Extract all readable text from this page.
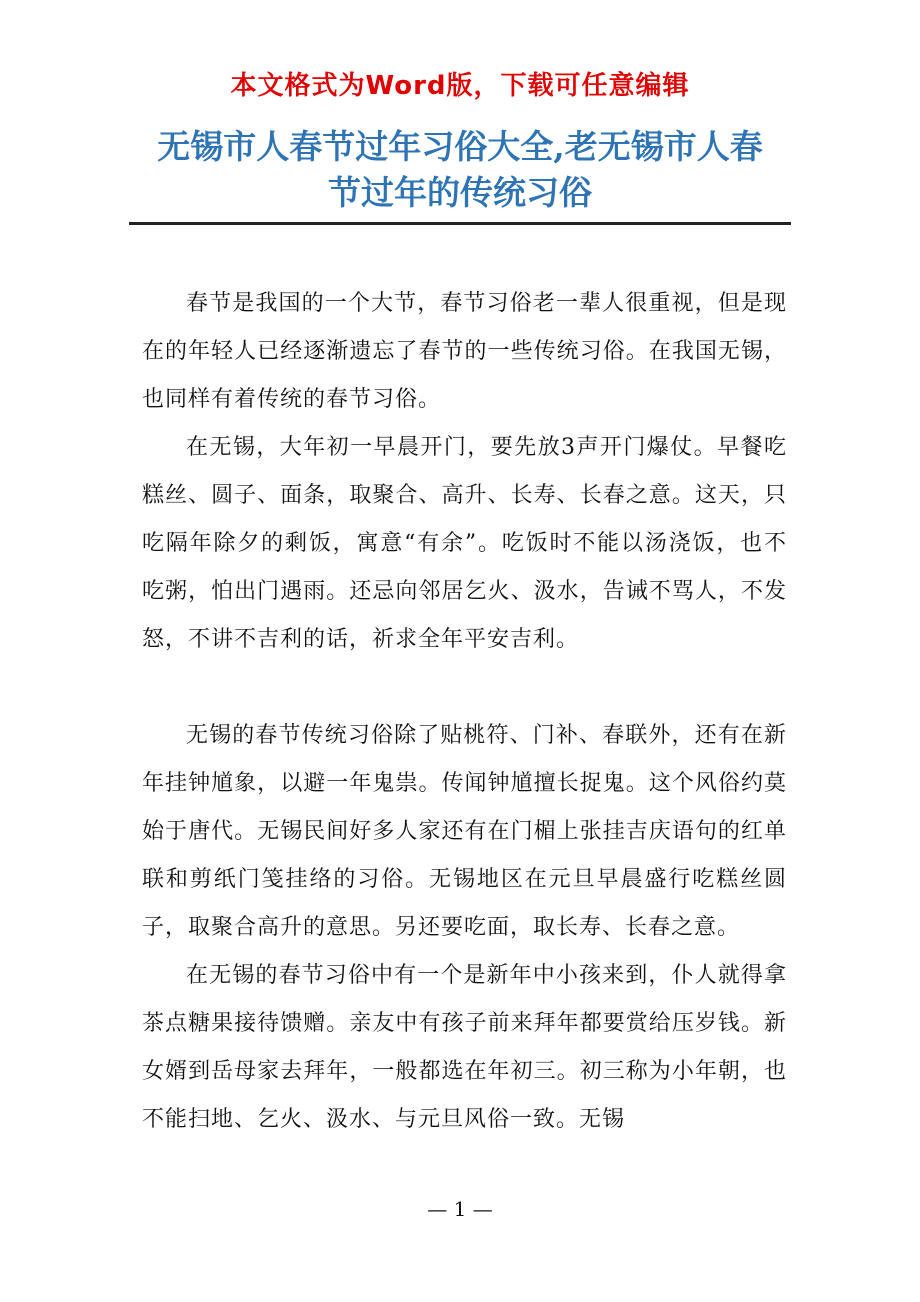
本文格式为Word版，下载可任意编辑
无锡市人春节过年习俗大全,老无锡市人春
节过年的传统习俗

春节是我国的一个大节，春节习俗老一辈人很重视，但是现在的年轻人已经逐渐遗忘了春节的一些传统习俗。在我国无锡，也同样有着传统的春节习俗。

在无锡，大年初一早晨开门，要先放3声开门爆仗。早餐吃糕丝、圆子、面条，取聚合、高升、长寿、长春之意。这天，只吃隔年除夕的剩饭，寓意“有余”。吃饭时不能以汤浇饭，也不吃粥，怕出门遇雨。还忌向邻居乞火、汲水，告诫不骂人，不发怒，不讲不吉利的话，祈求全年平安吉利。

无锡的春节传统习俗除了贴桃符、门补、春联外，还有在新年挂钟馗象，以避一年鬼祟。传闻钟馗擅长捉鬼。这个风俗约莫始于唐代。无锡民间好多人家还有在门楣上张挂吉庆语句的红单联和剪纸门笺挂络的习俗。无锡地区在元旦早晨盛行吃糕丝圆子，取聚合高升的意思。另还要吃面，取长寿、长春之意。

在无锡的春节习俗中有一个是新年中小孩来到，仆人就得拿茶点糖果接待馈赠。亲友中有孩子前来拜年都要赏给压岁钱。新女婿到岳母家去拜年，一般都选在年初三。初三称为小年朝，也不能扫地、乞火、汲水、与元旦风俗一致。无锡

— 1 —
